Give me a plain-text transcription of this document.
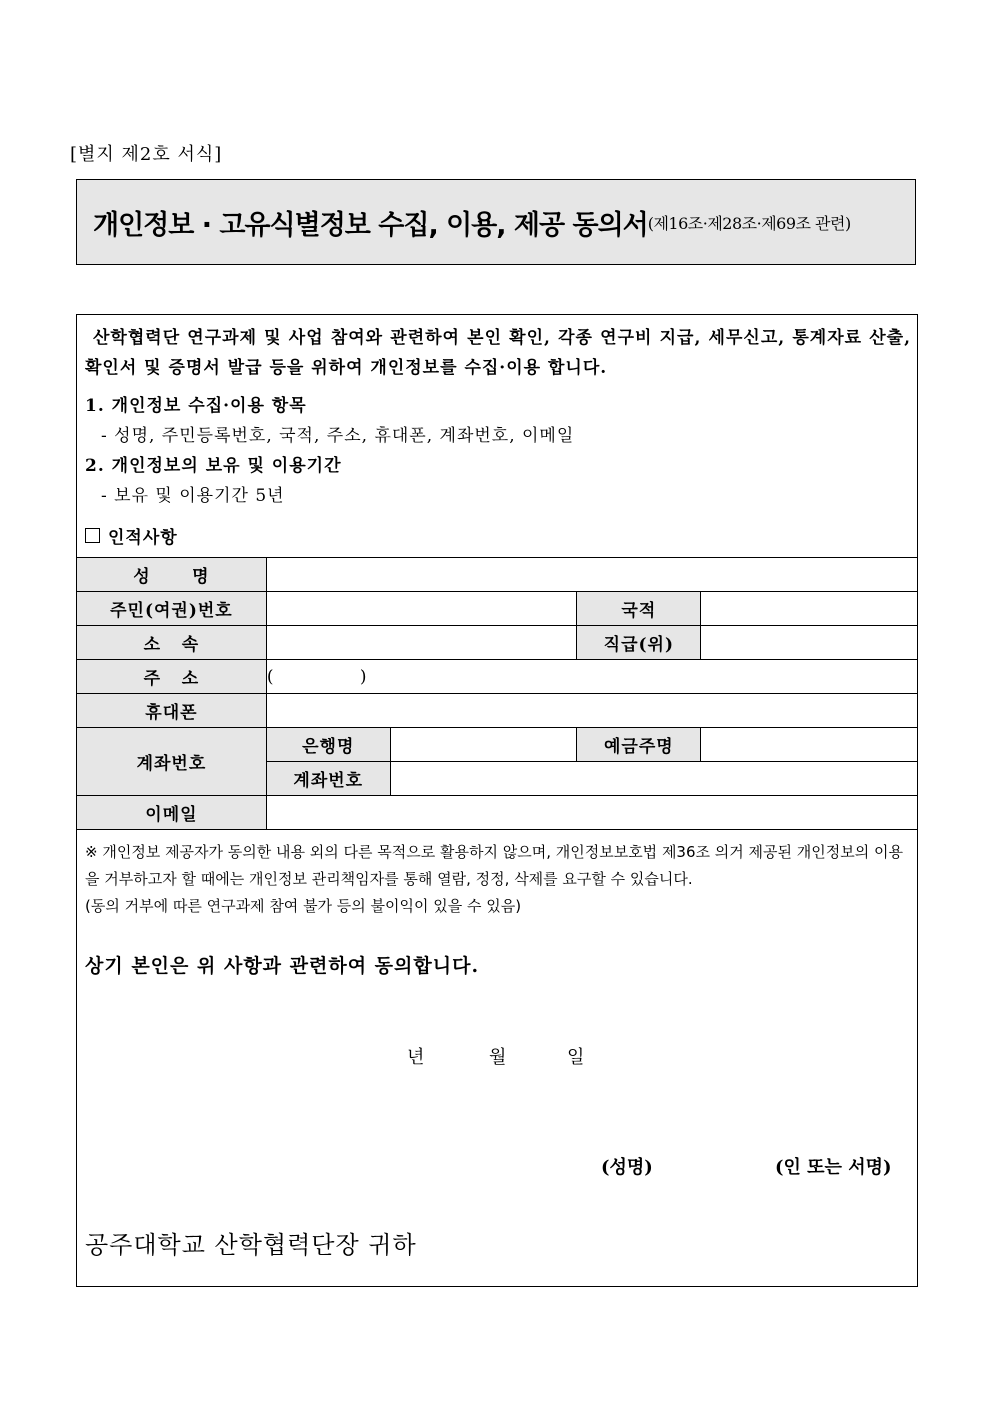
[별지 제2호 서식]
개인정보 · 고유식별정보 수집, 이용, 제공 동의서 (제16조·제28조·제69조 관련)
산학협력단 연구과제 및 사업 참여와 관련하여 본인 확인, 각종 연구비 지급, 세무신고, 통계자료 산출, 확인서 및 증명서 발급 등을 위하여 개인정보를 수집·이용 합니다.
1. 개인정보 수집·이용 항목
- 성명, 주민등록번호, 국적, 주소, 휴대폰, 계좌번호, 이메일
2. 개인정보의 보유 및 이용기간
- 보유 및 이용기간 5년
인적사항
성      명				
주민(여권)번호			국적	
소   속			직급(위)	
주   소	(                )			
휴대폰				
계좌번호	은행명		예금주명	
	계좌번호			
이메일				
※ 개인정보 제공자가 동의한 내용 외의 다른 목적으로 활용하지 않으며, 개인정보보호법 제36조 의거 제공된 개인정보의 이용을 거부하고자 할 때에는 개인정보 관리책임자를 통해 열람, 정정, 삭제를 요구할 수 있습니다.
(동의 거부에 따른 연구과제 참여 불가 등의 불이익이 있을 수 있음)
상기 본인은 위 사항과 관련하여 동의합니다.
년	월	일
(성명)	(인 또는 서명)
공주대학교 산학협력단장 귀하
